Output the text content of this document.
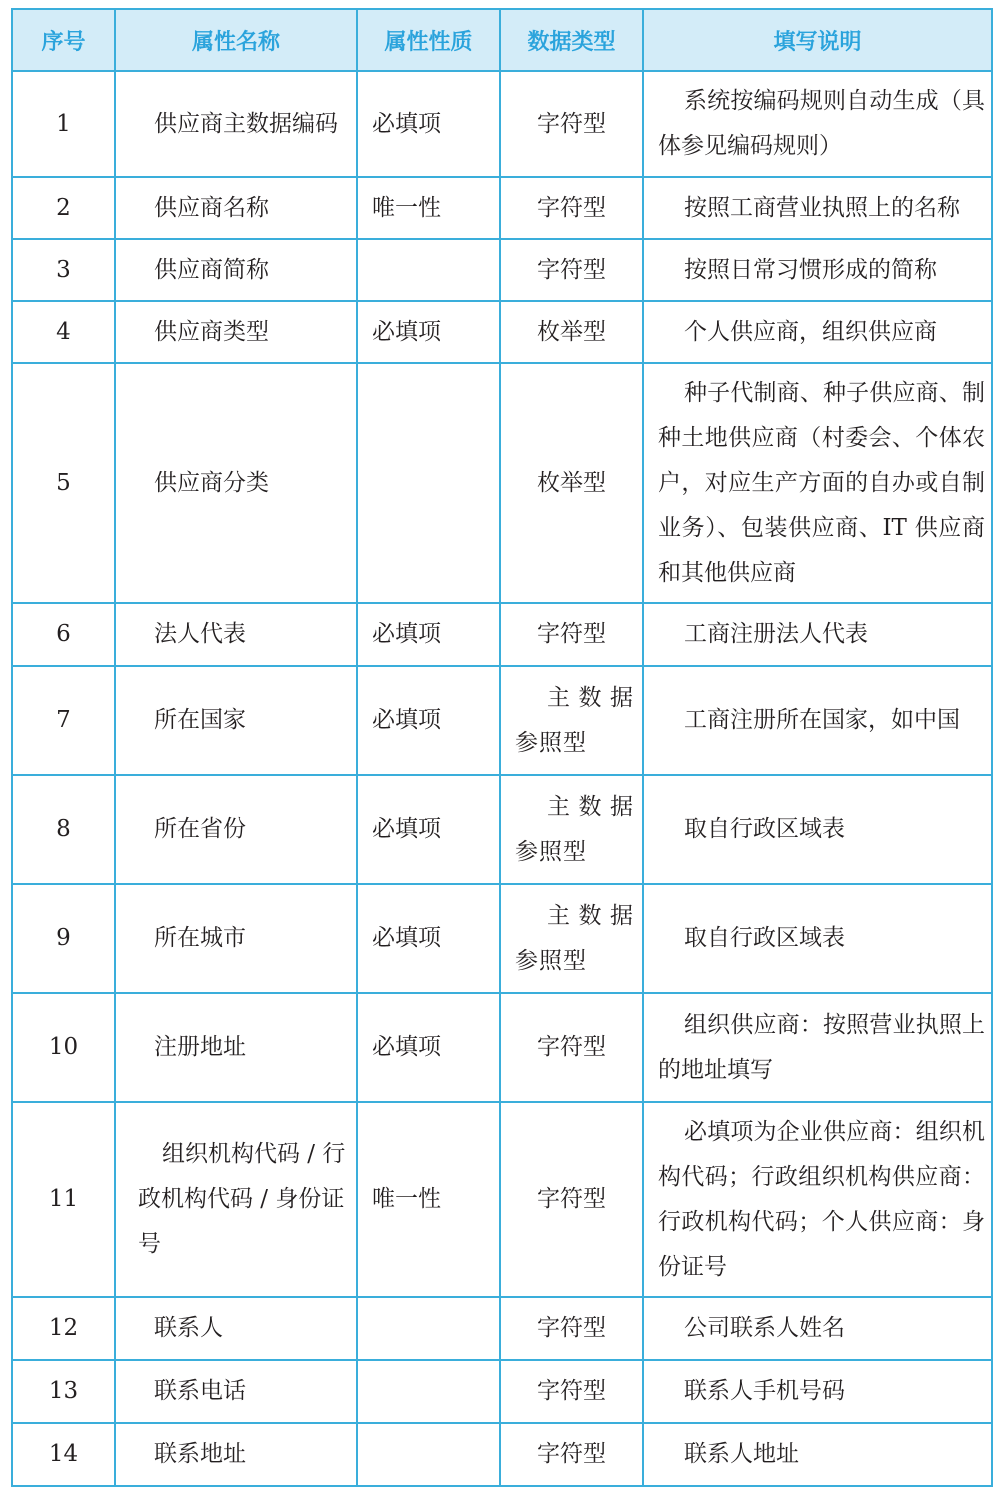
序号	属性名称	属性性质	数据类型	填写说明
1	供应商主数据编码	必填项	字符型	系统按编码规则自动生成（具体参见编码规则）
2	供应商名称	唯一性	字符型	按照工商营业执照上的名称
3	供应商简称		字符型	按照日常习惯形成的简称
4	供应商类型	必填项	枚举型	个人供应商，组织供应商
5	供应商分类		枚举型	种子代制商、种子供应商、制种土地供应商（村委会、个体农户，对应生产方面的自办或自制业务）、包装供应商、IT 供应商和其他供应商
6	法人代表	必填项	字符型	工商注册法人代表
7	所在国家	必填项	主数据参照型	工商注册所在国家，如中国
8	所在省份	必填项	主数据参照型	取自行政区域表
9	所在城市	必填项	主数据参照型	取自行政区域表
10	注册地址	必填项	字符型	组织供应商：按照营业执照上的地址填写
11	组织机构代码 / 行政机构代码 / 身份证号	唯一性	字符型	必填项为企业供应商：组织机构代码；行政组织机构供应商：行政机构代码；个人供应商：身份证号
12	联系人		字符型	公司联系人姓名
13	联系电话		字符型	联系人手机号码
14	联系地址		字符型	联系人地址
